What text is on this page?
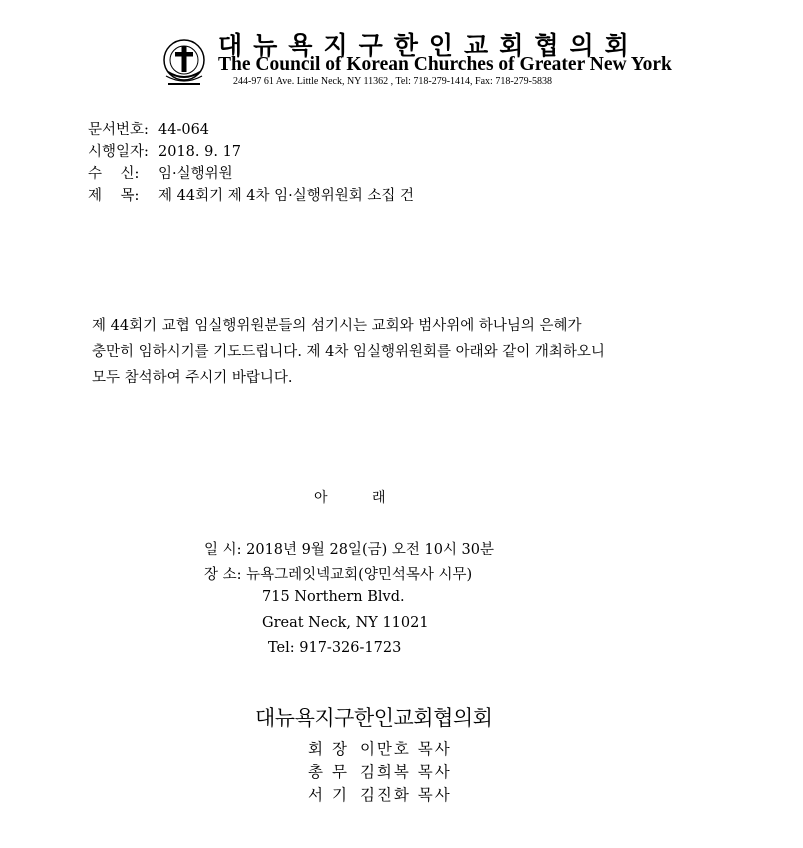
대뉴욕지구한인교회협의회
The Council of Korean Churches of Greater New York
244-97 61 Ave. Little Neck, NY 11362 , Tel: 718-279-1414, Fax: 718-279-5838
문서번호: 44-064
시행일자: 2018. 9. 17
수    신: 임·실행위원
제    목: 제 44회기 제 4차 임·실행위원회 소집 건
제 44회기 교협 임실행위원분들의 섬기시는 교회와 범사위에 하나님의 은혜가
충만히 임하시기를 기도드립니다. 제 4차 임실행위원회를 아래와 같이 개최하오니
모두 참석하여 주시기 바랍니다.
아 래
일 시: 2018년 9월 28일(금) 오전 10시 30분
장 소: 뉴욕그레잇넥교회(양민석목사 시무)
715 Northern Blvd.
Great Neck, NY 11021
Tel: 917-326-1723
대뉴욕지구한인교회협의회
회장 이만호 목사
총무 김희복 목사
서기 김진화 목사
